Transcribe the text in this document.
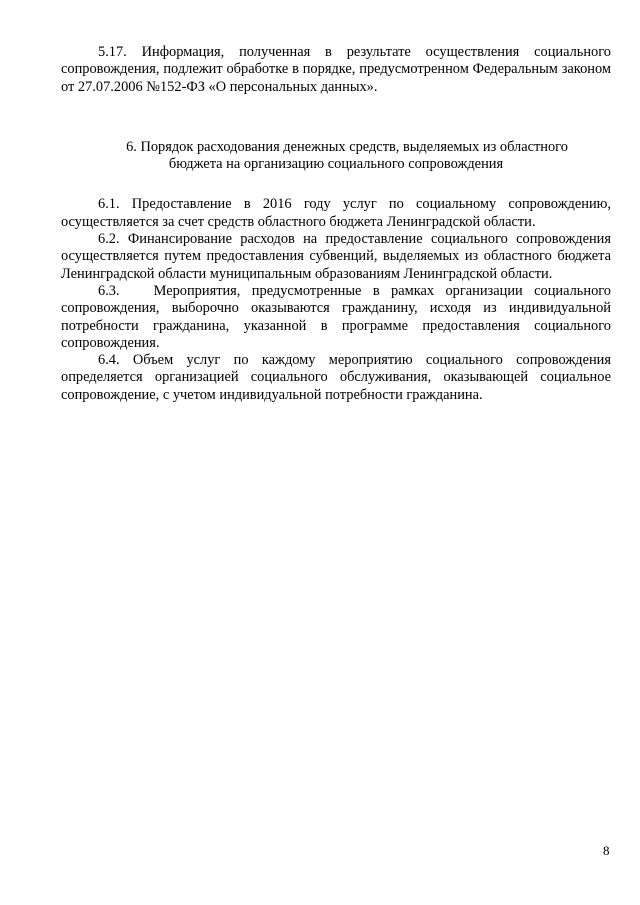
5.17. Информация, полученная в результате осуществления социального сопровождения, подлежит обработке в порядке, предусмотренном Федеральным законом от 27.07.2006 №152-ФЗ «О персональных данных».

6. Порядок расходования денежных средств, выделяемых из областного
бюджета на организацию социального сопровождения

6.1. Предоставление в 2016 году услуг по социальному сопровождению, осуществляется за счет средств областного бюджета Ленинградской области.

6.2. Финансирование расходов на предоставление социального сопровождения осуществляется путем предоставления субвенций, выделяемых из областного бюджета Ленинградской области муниципальным образованиям Ленинградской области.

6.3. Мероприятия, предусмотренные в рамках организации социального сопровождения, выборочно оказываются гражданину, исходя из индивидуальной потребности гражданина, указанной в программе предоставления социального сопровождения.

6.4. Объем услуг по каждому мероприятию социального сопровождения определяется организацией социального обслуживания, оказывающей социальное сопровождение, с учетом индивидуальной потребности гражданина.

8
